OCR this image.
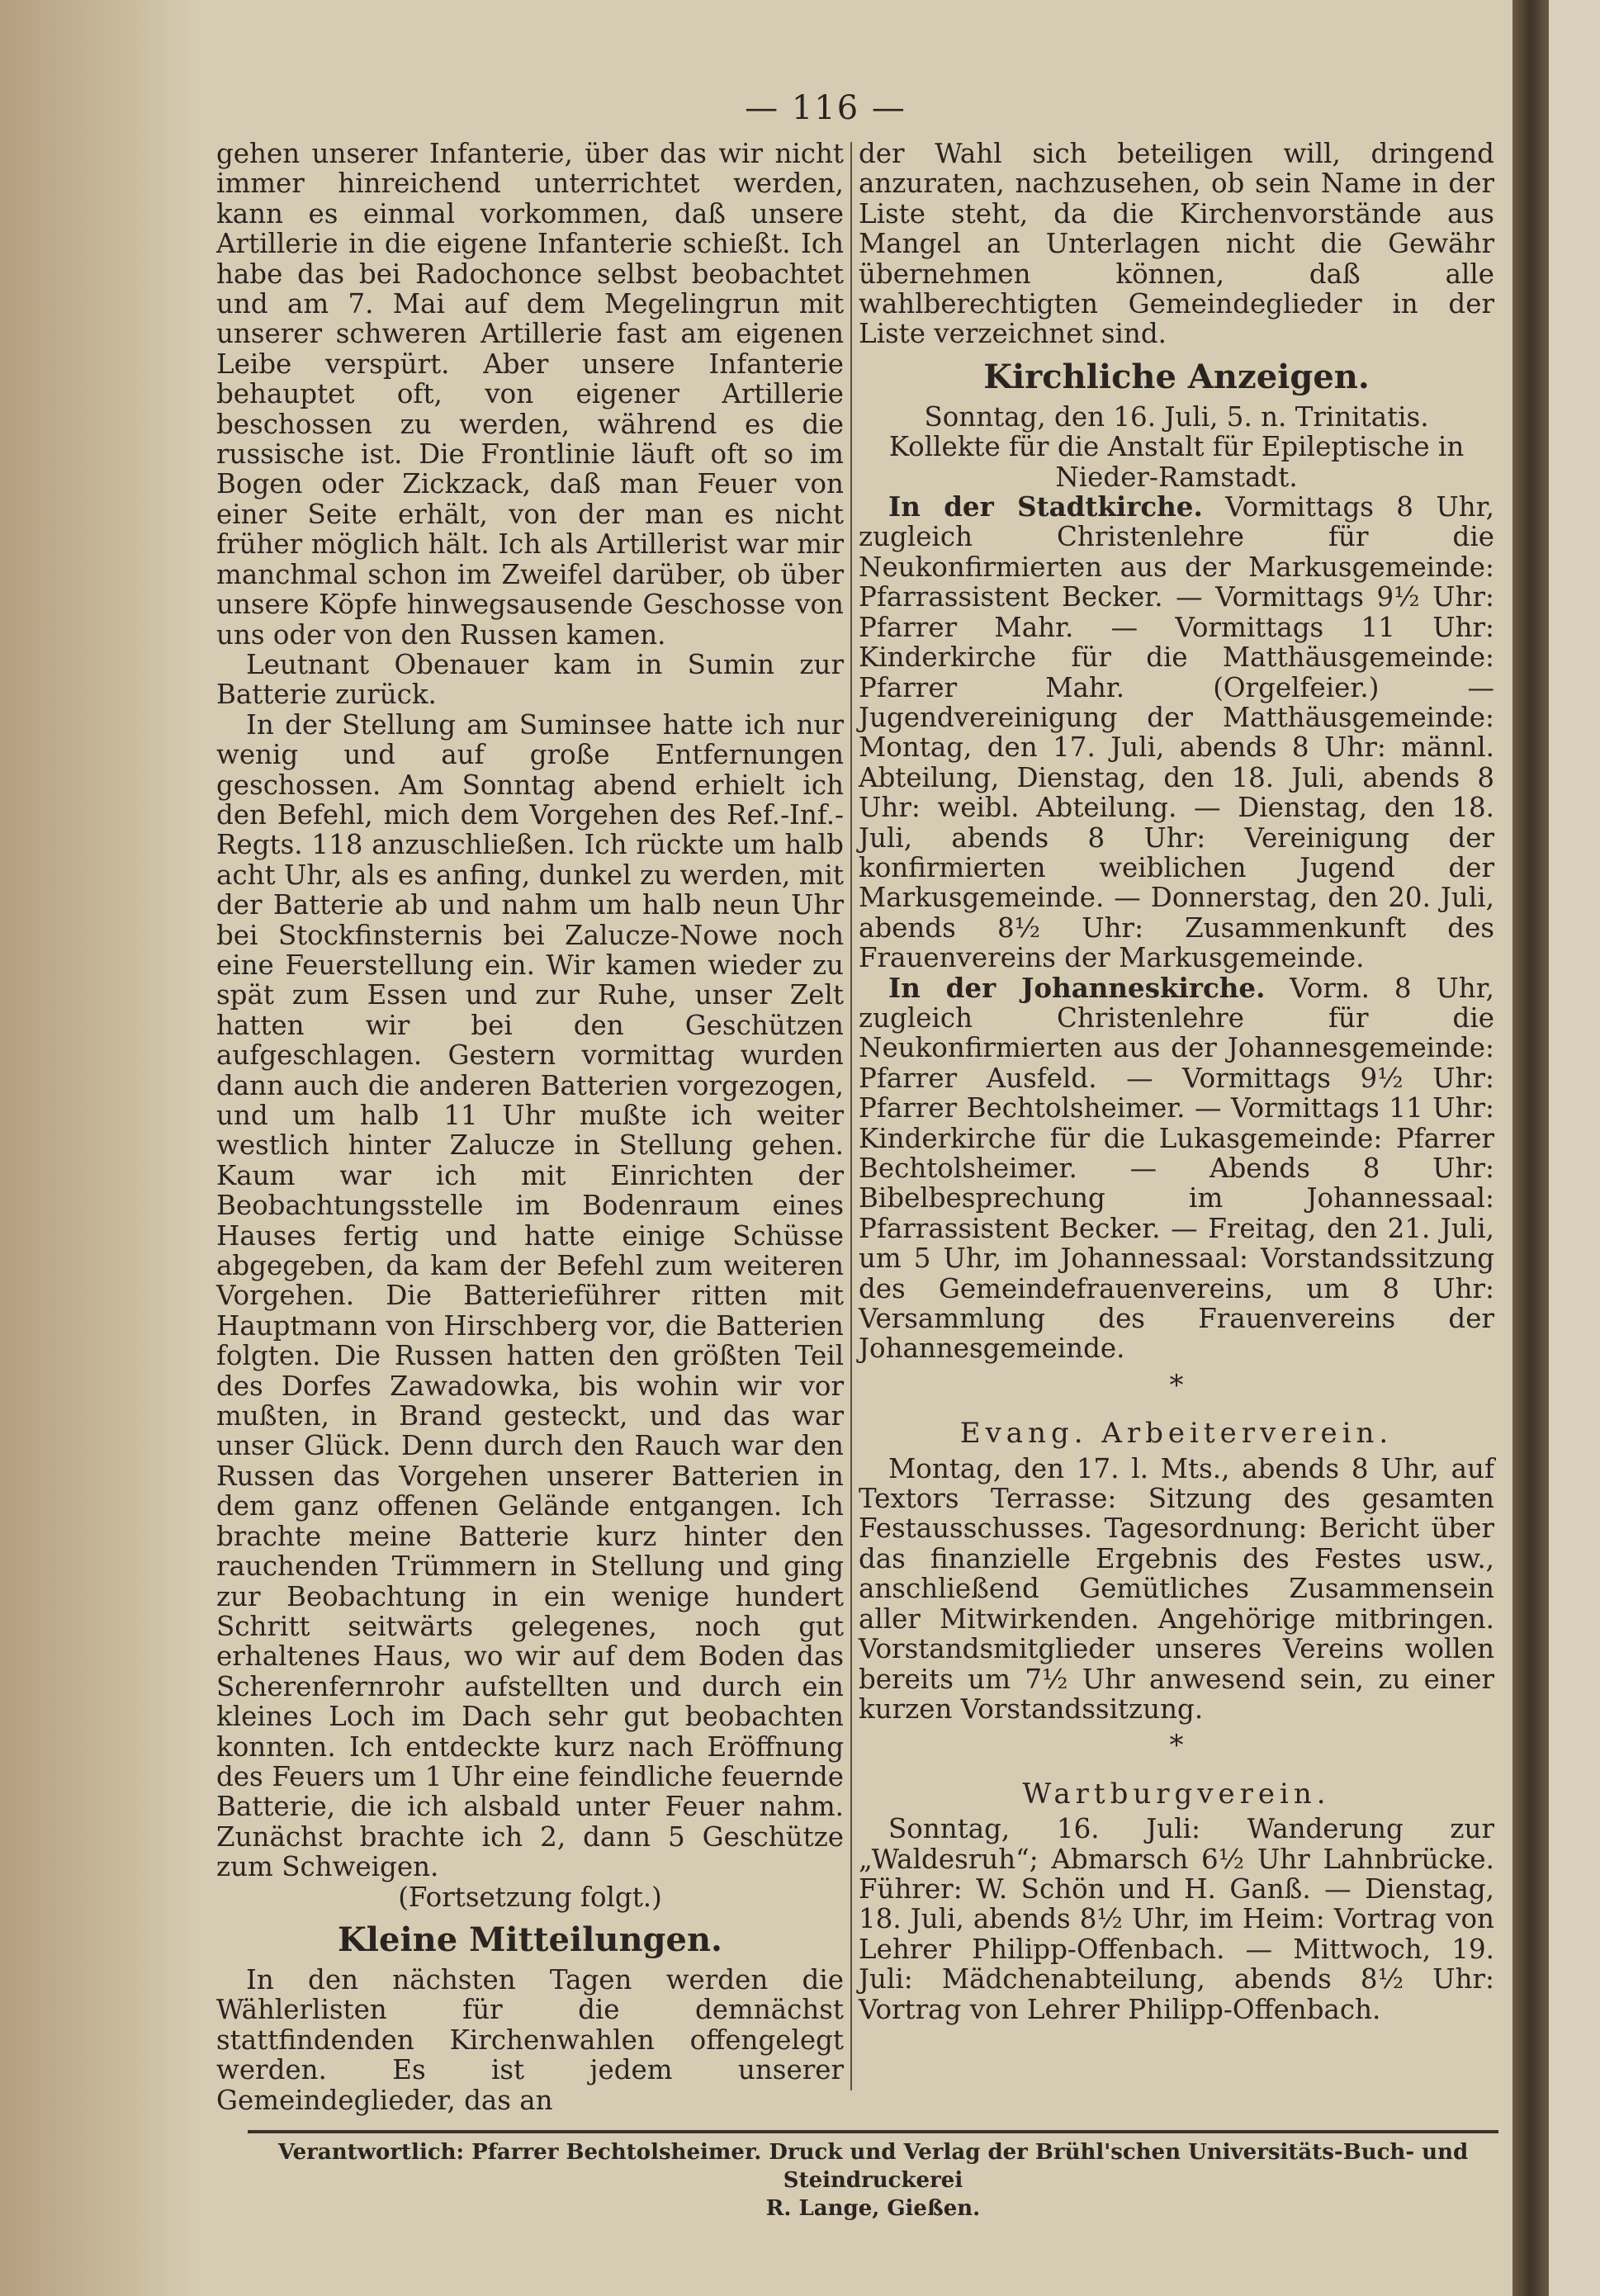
— 116 —

gehen unserer Infanterie, über das wir nicht immer hinreichend unterrichtet werden, kann es einmal vorkommen, daß unsere Artillerie in die eigene Infanterie schießt. Ich habe das bei Radochonce selbst beobachtet und am 7. Mai auf dem Megelingrun mit unserer schweren Artillerie fast am eigenen Leibe verspürt. Aber unsere Infanterie behauptet oft, von eigener Artillerie beschossen zu werden, während es die russische ist. Die Frontlinie läuft oft so im Bogen oder Zickzack, daß man Feuer von einer Seite erhält, von der man es nicht früher möglich hält. Ich als Artillerist war mir manchmal schon im Zweifel darüber, ob über unsere Köpfe hinwegsausende Geschosse von uns oder von den Russen kamen.

Leutnant Obenauer kam in Sumin zur Batterie zurück.

In der Stellung am Suminsee hatte ich nur wenig und auf große Entfernungen geschossen. Am Sonntag abend erhielt ich den Befehl, mich dem Vorgehen des Ref.-Inf.-Regts. 118 anzuschließen. Ich rückte um halb acht Uhr, als es anfing, dunkel zu werden, mit der Batterie ab und nahm um halb neun Uhr bei Stockfinsternis bei Zalucze-Nowe noch eine Feuerstellung ein. Wir kamen wieder zu spät zum Essen und zur Ruhe, unser Zelt hatten wir bei den Geschützen aufgeschlagen. Gestern vormittag wurden dann auch die anderen Batterien vorgezogen, und um halb 11 Uhr mußte ich weiter westlich hinter Zalucze in Stellung gehen. Kaum war ich mit Einrichten der Beobachtungsstelle im Bodenraum eines Hauses fertig und hatte einige Schüsse abgegeben, da kam der Befehl zum weiteren Vorgehen. Die Batterieführer ritten mit Hauptmann von Hirschberg vor, die Batterien folgten. Die Russen hatten den größten Teil des Dorfes Zawadowka, bis wohin wir vor mußten, in Brand gesteckt, und das war unser Glück. Denn durch den Rauch war den Russen das Vorgehen unserer Batterien in dem ganz offenen Gelände entgangen. Ich brachte meine Batterie kurz hinter den rauchenden Trümmern in Stellung und ging zur Beobachtung in ein wenige hundert Schritt seitwärts gelegenes, noch gut erhaltenes Haus, wo wir auf dem Boden das Scherenfernrohr aufstellten und durch ein kleines Loch im Dach sehr gut beobachten konnten. Ich entdeckte kurz nach Eröffnung des Feuers um 1 Uhr eine feindliche feuernde Batterie, die ich alsbald unter Feuer nahm. Zunächst brachte ich 2, dann 5 Geschütze zum Schweigen.

(Fortsetzung folgt.)

Kleine Mitteilungen.

In den nächsten Tagen werden die Wählerlisten für die demnächst stattfindenden Kirchenwahlen offengelegt werden. Es ist jedem unserer Gemeindeglieder, das an

der Wahl sich beteiligen will, dringend anzuraten, nachzusehen, ob sein Name in der Liste steht, da die Kirchenvorstände aus Mangel an Unterlagen nicht die Gewähr übernehmen können, daß alle wahlberechtigten Gemeindeglieder in der Liste verzeichnet sind.

Kirchliche Anzeigen.

Sonntag, den 16. Juli, 5. n. Trinitatis.

Kollekte für die Anstalt für Epileptische in Nieder-Ramstadt.

In der Stadtkirche. Vormittags 8 Uhr, zugleich Christenlehre für die Neukonfirmierten aus der Markusgemeinde: Pfarrassistent Becker. — Vormittags 9½ Uhr: Pfarrer Mahr. — Vormittags 11 Uhr: Kinderkirche für die Matthäusgemeinde: Pfarrer Mahr. (Orgelfeier.) — Jugendvereinigung der Matthäusgemeinde: Montag, den 17. Juli, abends 8 Uhr: männl. Abteilung, Dienstag, den 18. Juli, abends 8 Uhr: weibl. Abteilung. — Dienstag, den 18. Juli, abends 8 Uhr: Vereinigung der konfirmierten weiblichen Jugend der Markusgemeinde. — Donnerstag, den 20. Juli, abends 8½ Uhr: Zusammenkunft des Frauenvereins der Markusgemeinde.

In der Johanneskirche. Vorm. 8 Uhr, zugleich Christenlehre für die Neukonfirmierten aus der Johannesgemeinde: Pfarrer Ausfeld. — Vormittags 9½ Uhr: Pfarrer Bechtolsheimer. — Vormittags 11 Uhr: Kinderkirche für die Lukasgemeinde: Pfarrer Bechtolsheimer. — Abends 8 Uhr: Bibelbesprechung im Johannessaal: Pfarrassistent Becker. — Freitag, den 21. Juli, um 5 Uhr, im Johannessaal: Vorstandssitzung des Gemeindefrauenvereins, um 8 Uhr: Versammlung des Frauenvereins der Johannesgemeinde.

*
Evang. Arbeiterverein.

Montag, den 17. l. Mts., abends 8 Uhr, auf Textors Terrasse: Sitzung des gesamten Festausschusses. Tagesordnung: Bericht über das finanzielle Ergebnis des Festes usw., anschließend Gemütliches Zusammensein aller Mitwirkenden. Angehörige mitbringen. Vorstandsmitglieder unseres Vereins wollen bereits um 7½ Uhr anwesend sein, zu einer kurzen Vorstandssitzung.

*
Wartburgverein.

Sonntag, 16. Juli: Wanderung zur „Waldesruh“; Abmarsch 6½ Uhr Lahnbrücke. Führer: W. Schön und H. Ganß. — Dienstag, 18. Juli, abends 8½ Uhr, im Heim: Vortrag von Lehrer Philipp-Offenbach. — Mittwoch, 19. Juli: Mädchenabteilung, abends 8½ Uhr: Vortrag von Lehrer Philipp-Offenbach.

Verantwortlich: Pfarrer Bechtolsheimer. Druck und Verlag der Brühl'schen Universitäts-Buch- und Steindruckerei
R. Lange, Gießen.
